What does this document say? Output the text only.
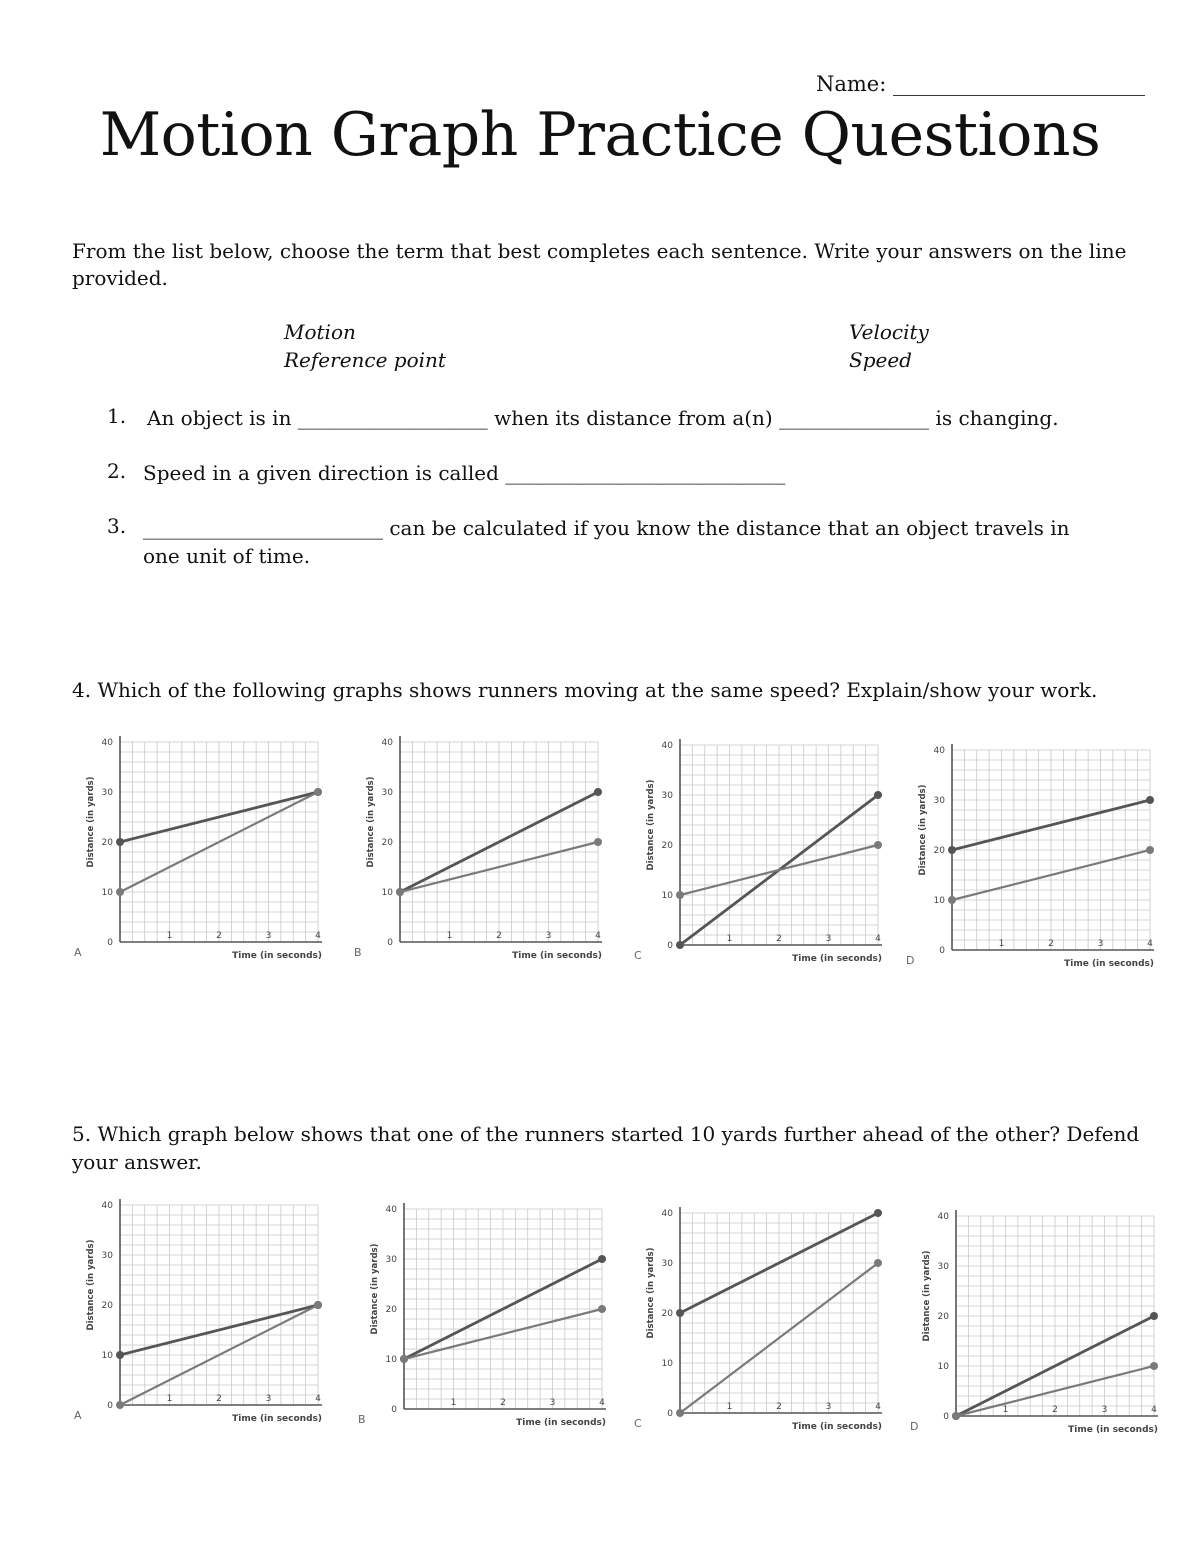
Name: ________________________
Motion Graph Practice Questions
From the list below, choose the term that best completes each sentence. Write your answers on the line provided.
Motion	Velocity
Reference point	Speed
1. An object is in ___________________ when its distance from a(n) _______________ is changing.
2. Speed in a given direction is called ____________________________
3. ________________________ can be calculated if you know the distance that an object travels in one unit of time.
4. Which of the following graphs shows runners moving at the same speed? Explain/show your work.
5. Which graph below shows that one of the runners started 10 yards further ahead of the other? Defend your answer.
0
10
20
30
40
1	2	3	4
Distance (in yards)
Time (in seconds)
A
0
10
20
30
40
1	2	3	4
Distance (in yards)
Time (in seconds)
B	0
10
20
30
40
1	2	3	4
Distance (in yards)
Time (in seconds)
C	0
10
20
30
40
1	2	3	4
Distance (in yards)
Time (in seconds)
D
0
10
20
30
40
1	2	3	4
Distance (in yards)
Time (in seconds)
A	0
10
20
30
40
1	2	3	4
Distance (in yards)
Time (in seconds)
B	0
10
20
30
40
1	2	3	4
Distance (in yards)
Time (in seconds)
C	0
10
20
30
40
1	2	3	4
Distance (in yards)
Time (in seconds)
D
